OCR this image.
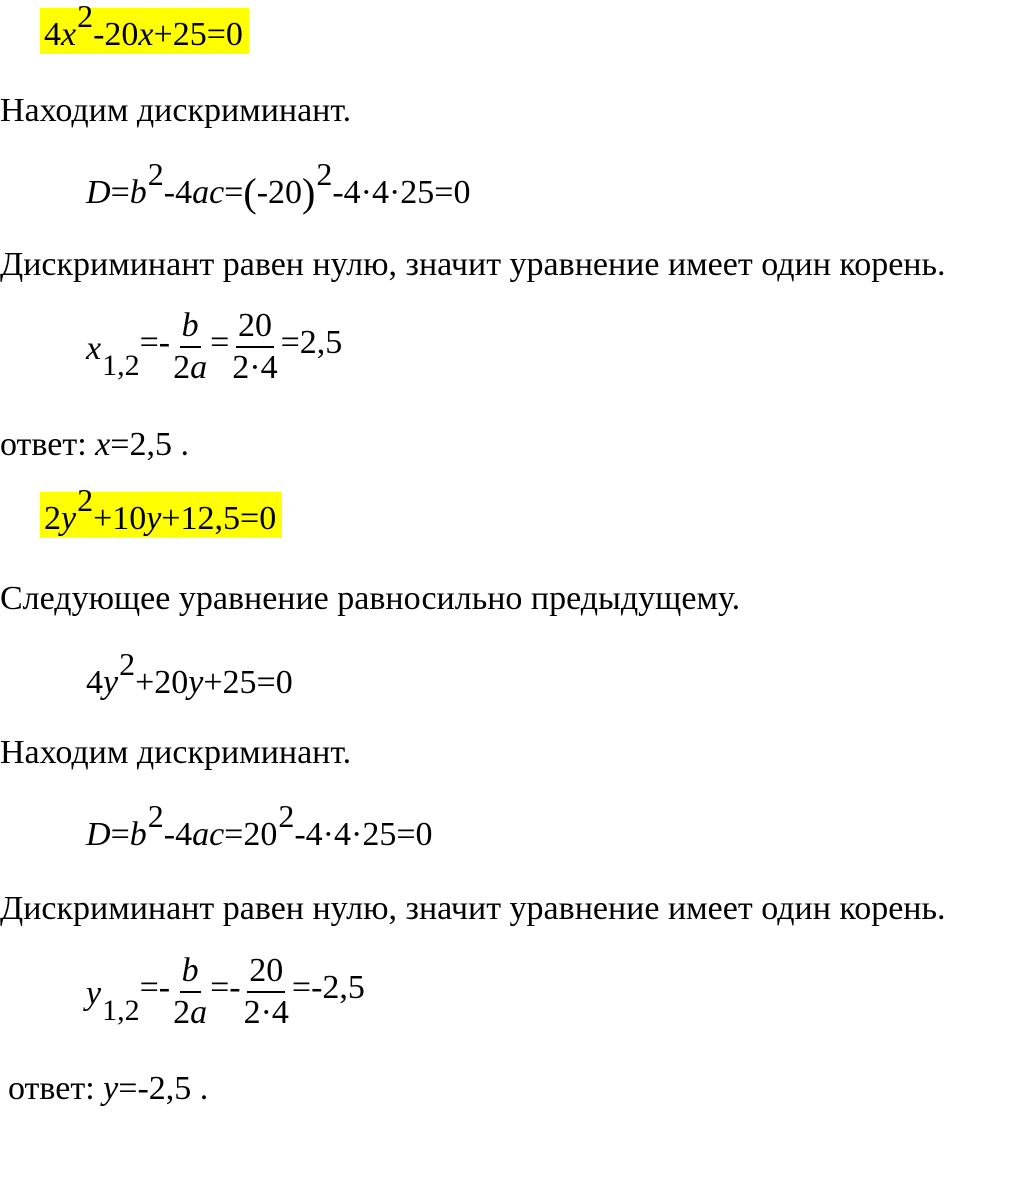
4x2-20x+25=0
Находим дискриминант.
D=b2-4ac=(-20)2-4·4·25=0
Дискриминант равен нулю, значит уравнение имеет один корень.
$x1,2=- \frac{b}{2a} = \frac{20}{2\cdot 4} =2,5$
ответ: x=2,5 .
2y2+10y+12,5=0
Следующее уравнение равносильно предыдущему.
4y2+20y+25=0
Находим дискриминант.
D=b2-4ac=202-4·4·25=0
Дискриминант равен нулю, значит уравнение имеет один корень.
$y1,2=- \frac{b}{2a} =- \frac{20}{2\cdot 4} =-2,5$
ответ: y=-2,5 .
